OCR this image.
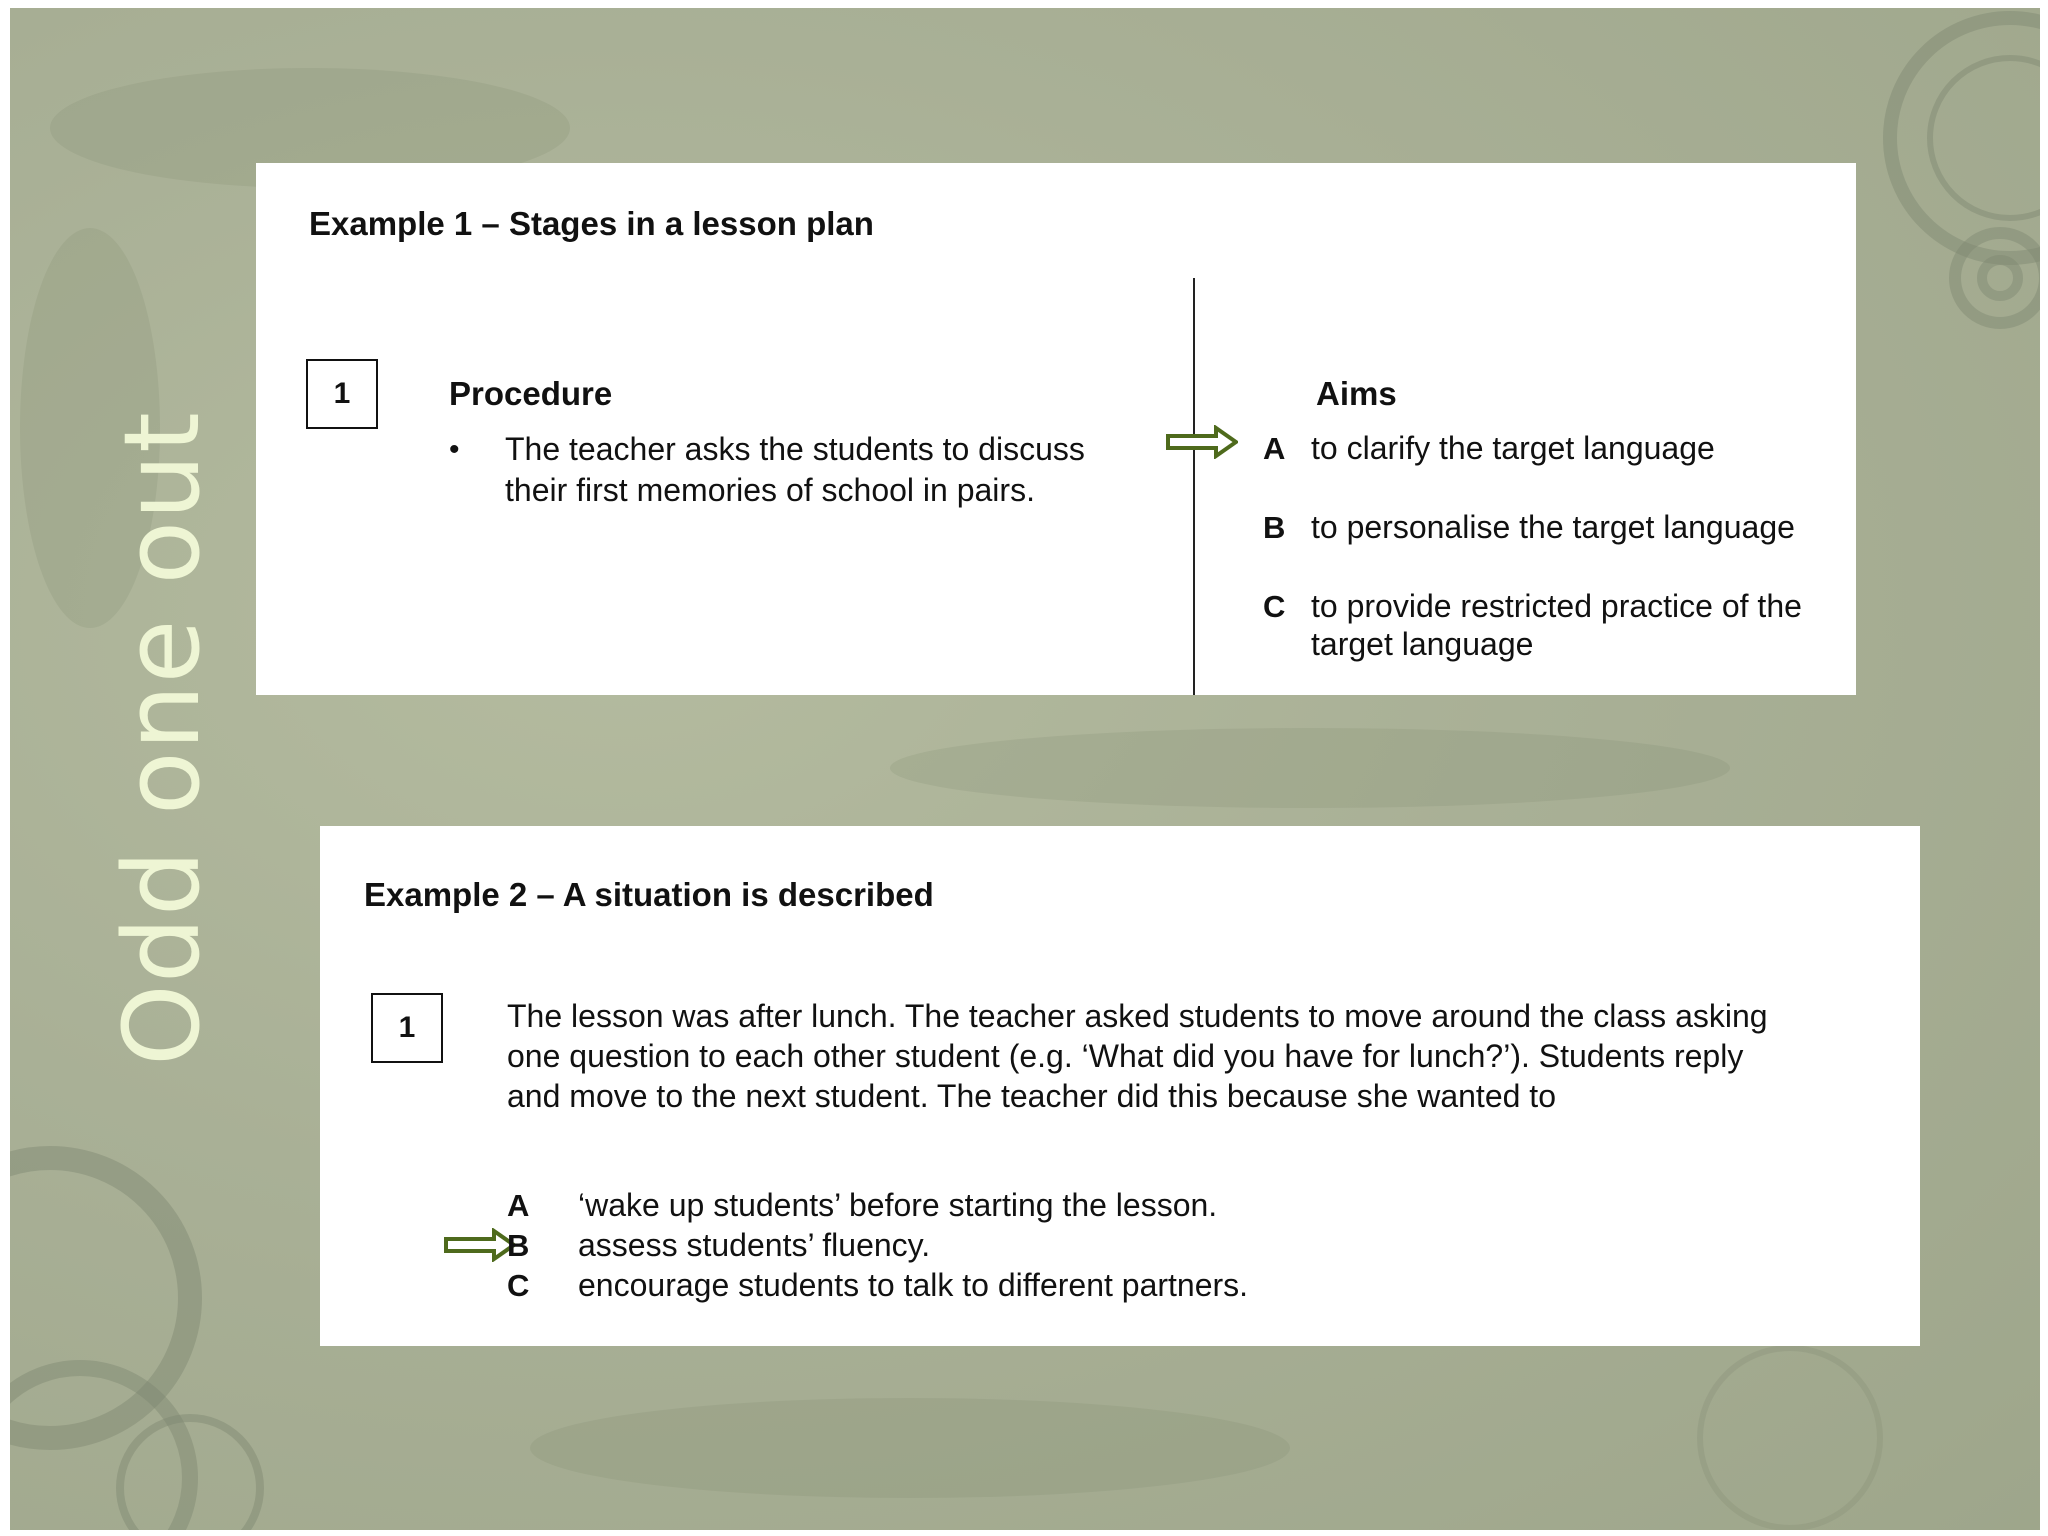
Odd one out
Example 1 – Stages in a lesson plan
1	Procedure
• The teacher asks the students to discuss
their first memories of school in pairs.
Aims
A to clarify the target language
B to personalise the target language
C to provide restricted practice of the
target language
Example 2 – A situation is described
1	The lesson was after lunch. The teacher asked students to move around the class asking
one question to each other student (e.g. ‘What did you have for lunch?’). Students reply
and move to the next student. The teacher did this because she wanted to
A ‘wake up students’ before starting the lesson.
B assess students’ fluency.
C encourage students to talk to different partners.
